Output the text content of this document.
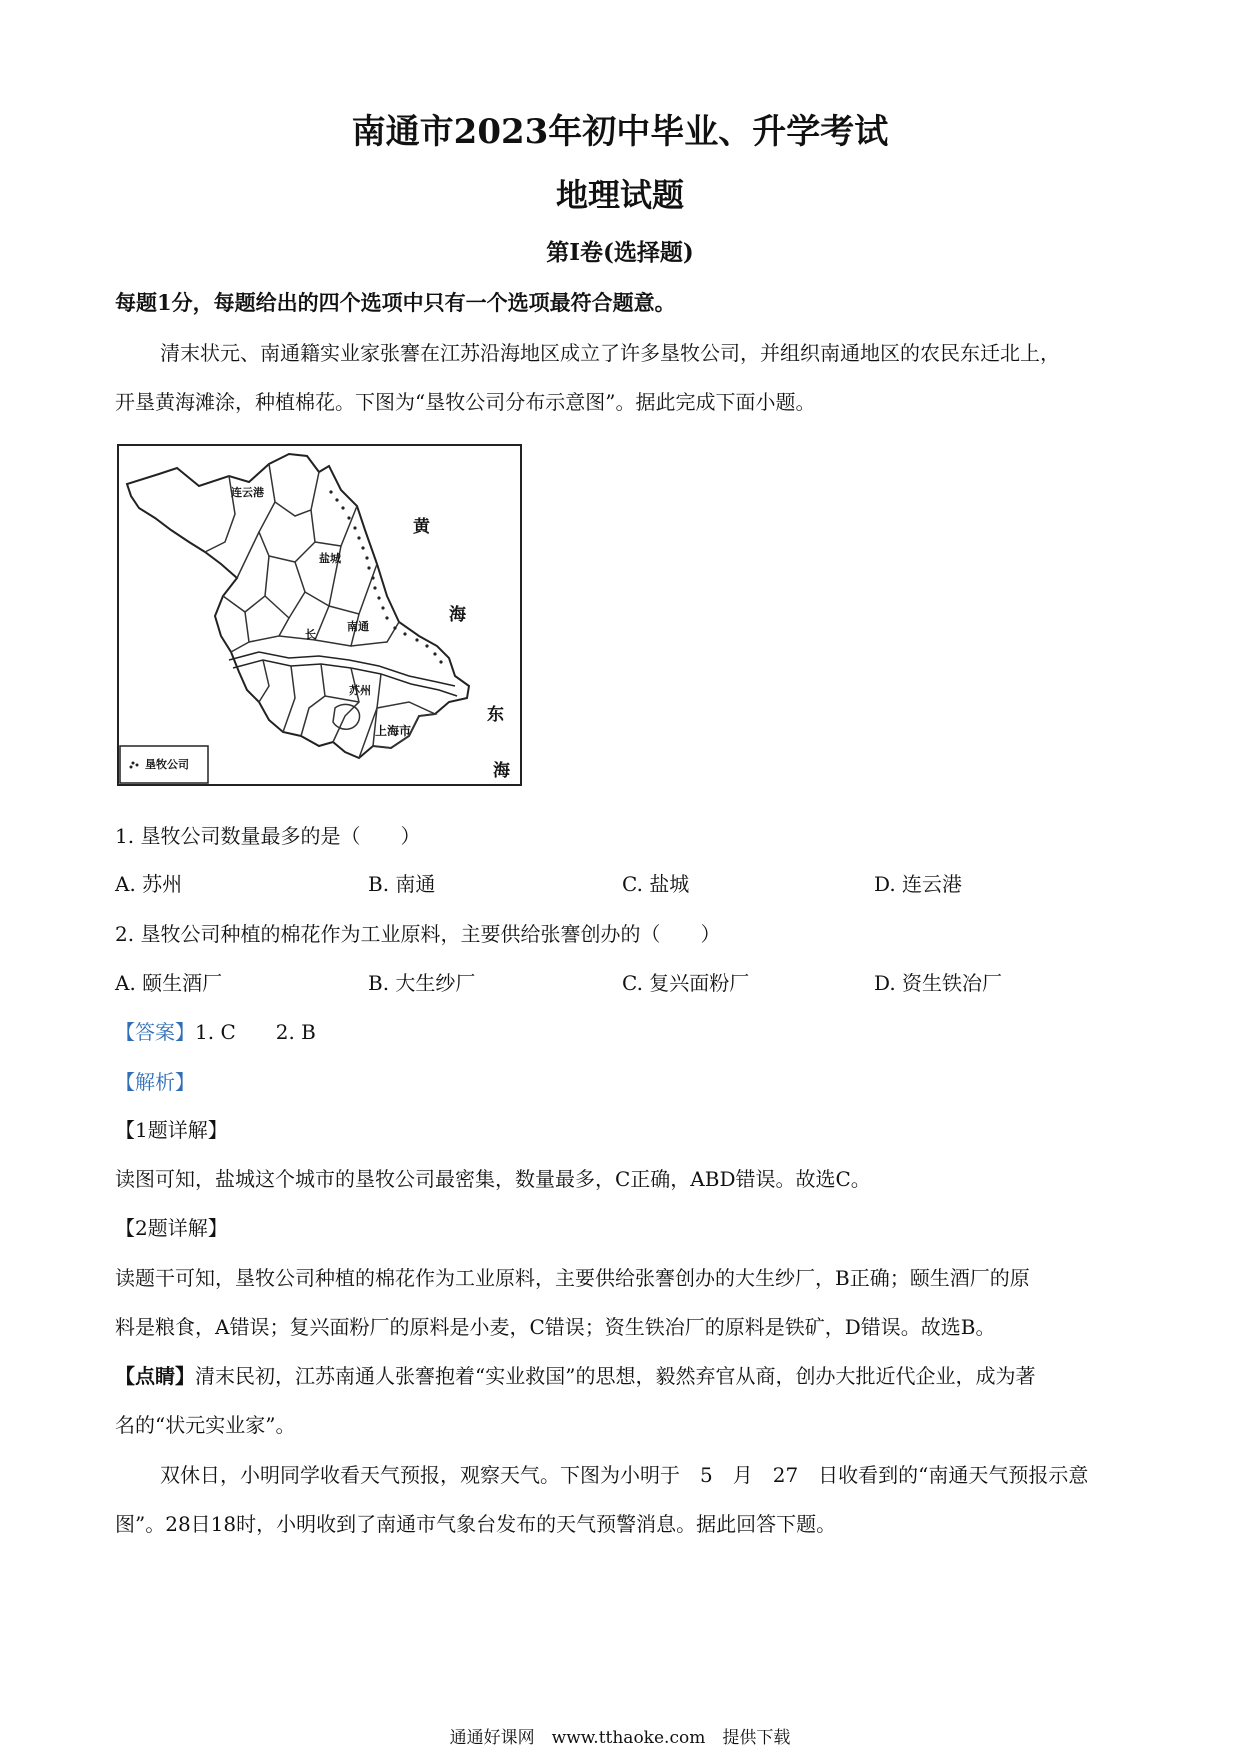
南通市2023年初中毕业、升学考试
地理试题
第Ⅰ卷(选择题)
每题1分，每题给出的四个选项中只有一个选项最符合题意。
清末状元、南通籍实业家张謇在江苏沿海地区成立了许多垦牧公司，并组织南通地区的农民东迁北上，
开垦黄海滩涂，种植棉花。下图为“垦牧公司分布示意图”。据此完成下面小题。
连云港
盐城
南通
苏州
上海市
长
黄
海
东
海
垦牧公司
1. 垦牧公司数量最多的是（　　）
A. 苏州	B. 南通	C. 盐城	D. 连云港
2. 垦牧公司种植的棉花作为工业原料，主要供给张謇创办的（　　）
A. 颐生酒厂	B. 大生纱厂	C. 复兴面粉厂	D. 资生铁冶厂
【答案】1. C　　2. B
【解析】
【1题详解】
读图可知，盐城这个城市的垦牧公司最密集，数量最多，C正确，ABD错误。故选C。
【2题详解】
读题干可知，垦牧公司种植的棉花作为工业原料，主要供给张謇创办的大生纱厂，B正确；颐生酒厂的原
料是粮食，A错误；复兴面粉厂的原料是小麦，C错误；资生铁冶厂的原料是铁矿，D错误。故选B。
【点睛】清末民初，江苏南通人张謇抱着“实业救国”的思想，毅然弃官从商，创办大批近代企业，成为著
名的“状元实业家”。
双休日，小明同学收看天气预报，观察天气。下图为小明于　5　月　27　日收看到的“南通天气预报示意
图”。28日18时，小明收到了南通市气象台发布的天气预警消息。据此回答下题。
通通好课网　www.tthaoke.com　提供下载
